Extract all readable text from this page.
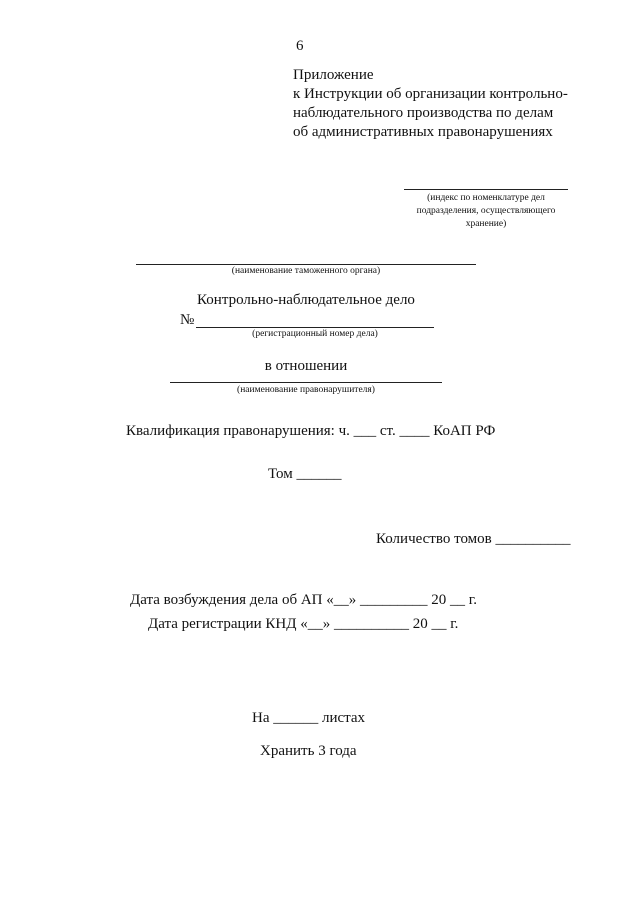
6
Приложение
к Инструкции об организации контрольно-
наблюдательного производства по делам
об административных правонарушениях
(индекс по номенклатуре дел
подразделения, осуществляющего
хранение)
(наименование таможенного органа)
Контрольно-наблюдательное дело
№
(регистрационный номер дела)
в отношении
(наименование правонарушителя)
Квалификация правонарушения: ч. ___ ст. ____ КоАП РФ
Том ______
Количество томов __________
Дата возбуждения дела об АП «__» _________ 20 __ г.
Дата регистрации КНД «__» __________ 20 __ г.
На ______ листах
Хранить 3 года
